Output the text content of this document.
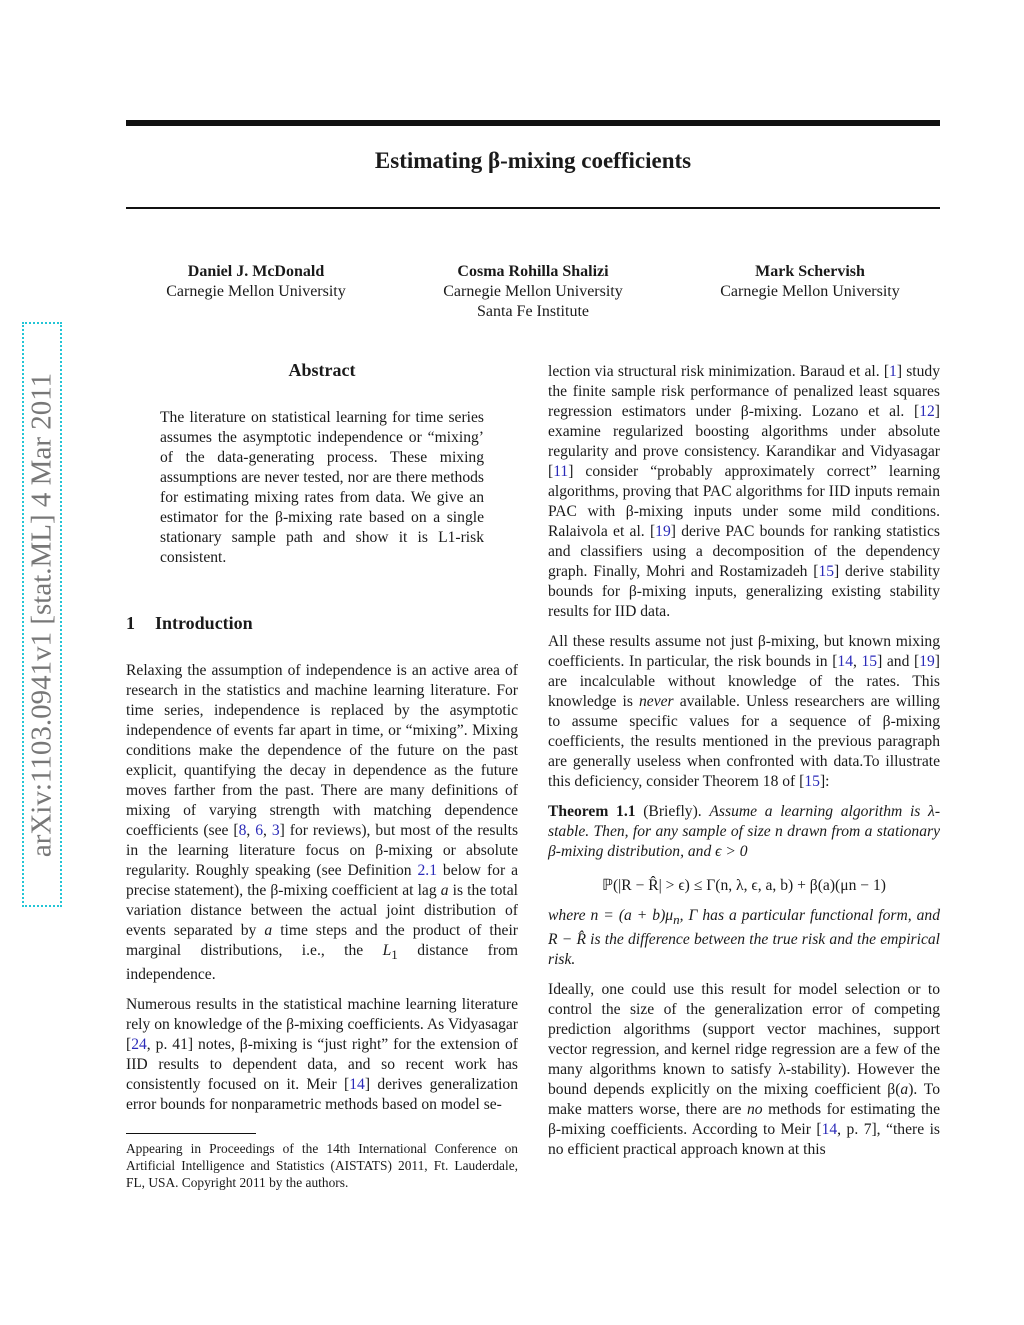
Estimating β-mixing coefficients
Daniel J. McDonald
Carnegie Mellon University
Cosma Rohilla Shalizi
Carnegie Mellon University
Santa Fe Institute
Mark Schervish
Carnegie Mellon University
arXiv:1103.0941v1 [stat.ML] 4 Mar 2011

Abstract

The literature on statistical learning for time series assumes the asymptotic independence or “mixing’ of the data-generating process. These mixing assumptions are never tested, nor are there methods for estimating mixing rates from data. We give an estimator for the β-mixing rate based on a single stationary sample path and show it is L1-risk consistent.

1 Introduction

Relaxing the assumption of independence is an active area of research in the statistics and machine learning literature. For time series, independence is replaced by the asymptotic independence of events far apart in time, or “mixing”. Mixing conditions make the dependence of the future on the past explicit, quantifying the decay in dependence as the future moves farther from the past. There are many definitions of mixing of varying strength with matching dependence coefficients (see [8, 6, 3] for reviews), but most of the results in the learning literature focus on β-mixing or absolute regularity. Roughly speaking (see Definition 2.1 below for a precise statement), the β-mixing coefficient at lag a is the total variation distance between the actual joint distribution of events separated by a time steps and the product of their marginal distributions, i.e., the $L_1$ distance from independence.

Numerous results in the statistical machine learning literature rely on knowledge of the β-mixing coefficients. As Vidyasagar [24, p. 41] notes, β-mixing is “just right” for the extension of IID results to dependent data, and so recent work has consistently focused on it. Meir [14] derives generalization error bounds for nonparametric methods based on model se-

Appearing in Proceedings of the 14th International Conference on Artificial Intelligence and Statistics (AISTATS) 2011, Ft. Lauderdale, FL, USA. Copyright 2011 by the authors.

lection via structural risk minimization. Baraud et al. [1] study the finite sample risk performance of penalized least squares regression estimators under β-mixing. Lozano et al. [12] examine regularized boosting algorithms under absolute regularity and prove consistency. Karandikar and Vidyasagar [11] consider “probably approximately correct” learning algorithms, proving that PAC algorithms for IID inputs remain PAC with β-mixing inputs under some mild conditions. Ralaivola et al. [19] derive PAC bounds for ranking statistics and classifiers using a decomposition of the dependency graph. Finally, Mohri and Rostamizadeh [15] derive stability bounds for β-mixing inputs, generalizing existing stability results for IID data.

All these results assume not just β-mixing, but known mixing coefficients. In particular, the risk bounds in [14, 15] and [19] are incalculable without knowledge of the rates. This knowledge is never available. Unless researchers are willing to assume specific values for a sequence of β-mixing coefficients, the results mentioned in the previous paragraph are generally useless when confronted with data.To illustrate this deficiency, consider Theorem 18 of [15]:

Theorem 1.1 (Briefly). Assume a learning algorithm is λ-stable. Then, for any sample of size n drawn from a stationary β-mixing distribution, and ϵ > 0

ℙ(|R − R̂| > ϵ) ≤ Γ(n, λ, ϵ, a, b) + β(a)(μn − 1)

where $n = (a + b)\mu_n$, Γ has a particular functional form, and R − R̂ is the difference between the true risk and the empirical risk.

Ideally, one could use this result for model selection or to control the size of the generalization error of competing prediction algorithms (support vector machines, support vector regression, and kernel ridge regression are a few of the many algorithms known to satisfy λ-stability). However the bound depends explicitly on the mixing coefficient β(a). To make matters worse, there are no methods for estimating the β-mixing coefficients. According to Meir [14, p. 7], “there is no efficient practical approach known at this
